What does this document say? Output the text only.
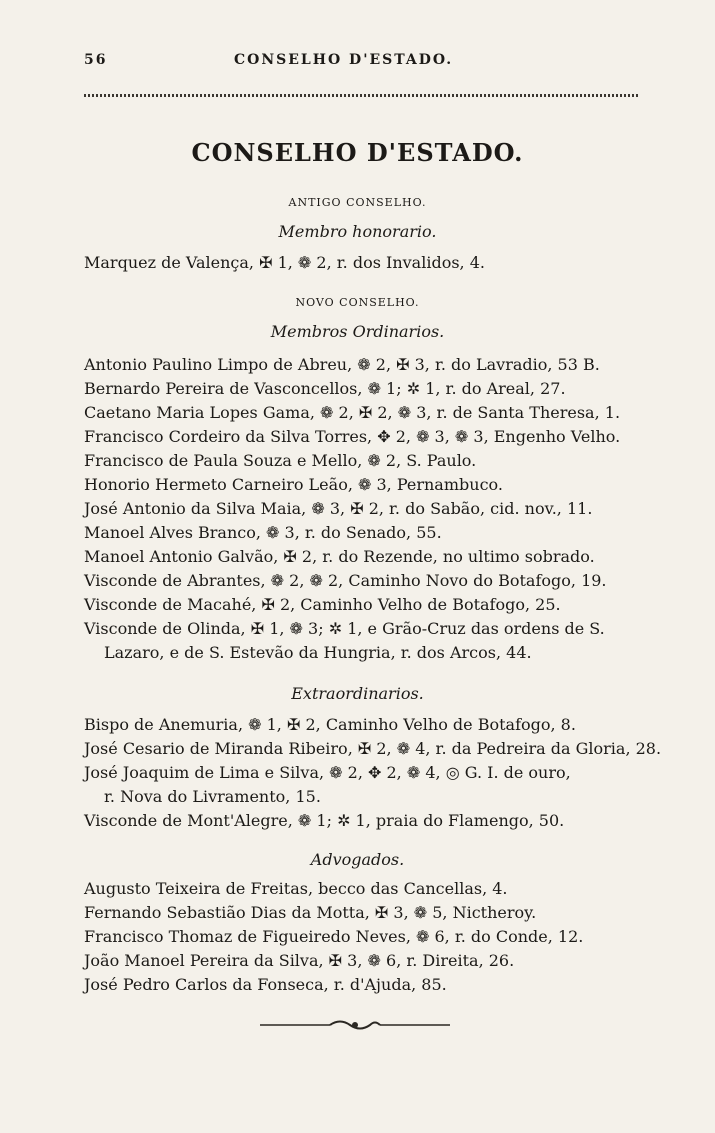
56	CONSELHO D'ESTADO.
CONSELHO D'ESTADO.
ANTIGO CONSELHO.
Membro honorario.
Marquez de Valença, ✠ 1, ❁ 2, r. dos Invalidos, 4.
NOVO CONSELHO.
Membros Ordinarios.
Antonio Paulino Limpo de Abreu, ❁ 2, ✠ 3, r. do Lavradio, 53 B.
Bernardo Pereira de Vasconcellos, ❁ 1; ✲ 1, r. do Areal, 27.
Caetano Maria Lopes Gama, ❁ 2, ✠ 2, ❁ 3, r. de Santa Theresa, 1.
Francisco Cordeiro da Silva Torres, ✥ 2, ❁ 3, ❁ 3, Engenho Velho.
Francisco de Paula Souza e Mello, ❁ 2, S. Paulo.
Honorio Hermeto Carneiro Leão, ❁ 3, Pernambuco.
José Antonio da Silva Maia, ❁ 3, ✠ 2, r. do Sabão, cid. nov., 11.
Manoel Alves Branco, ❁ 3, r. do Senado, 55.
Manoel Antonio Galvão, ✠ 2, r. do Rezende, no ultimo sobrado.
Visconde de Abrantes, ❁ 2, ❁ 2, Caminho Novo do Botafogo, 19.
Visconde de Macahé, ✠ 2, Caminho Velho de Botafogo, 25.
Visconde de Olinda, ✠ 1, ❁ 3; ✲ 1, e Grão-Cruz das ordens de S.
Lazaro, e de S. Estevão da Hungria, r. dos Arcos, 44.
Extraordinarios.
Bispo de Anemuria, ❁ 1, ✠ 2, Caminho Velho de Botafogo, 8.
José Cesario de Miranda Ribeiro, ✠ 2, ❁ 4, r. da Pedreira da Gloria, 28.
José Joaquim de Lima e Silva, ❁ 2, ✥ 2, ❁ 4, ◎ G. I. de ouro,
r. Nova do Livramento, 15.
Visconde de Mont'Alegre, ❁ 1; ✲ 1, praia do Flamengo, 50.
Advogados.
Augusto Teixeira de Freitas, becco das Cancellas, 4.
Fernando Sebastião Dias da Motta, ✠ 3, ❁ 5, Nictheroy.
Francisco Thomaz de Figueiredo Neves, ❁ 6, r. do Conde, 12.
João Manoel Pereira da Silva, ✠ 3, ❁ 6, r. Direita, 26.
José Pedro Carlos da Fonseca, r. d'Ajuda, 85.
